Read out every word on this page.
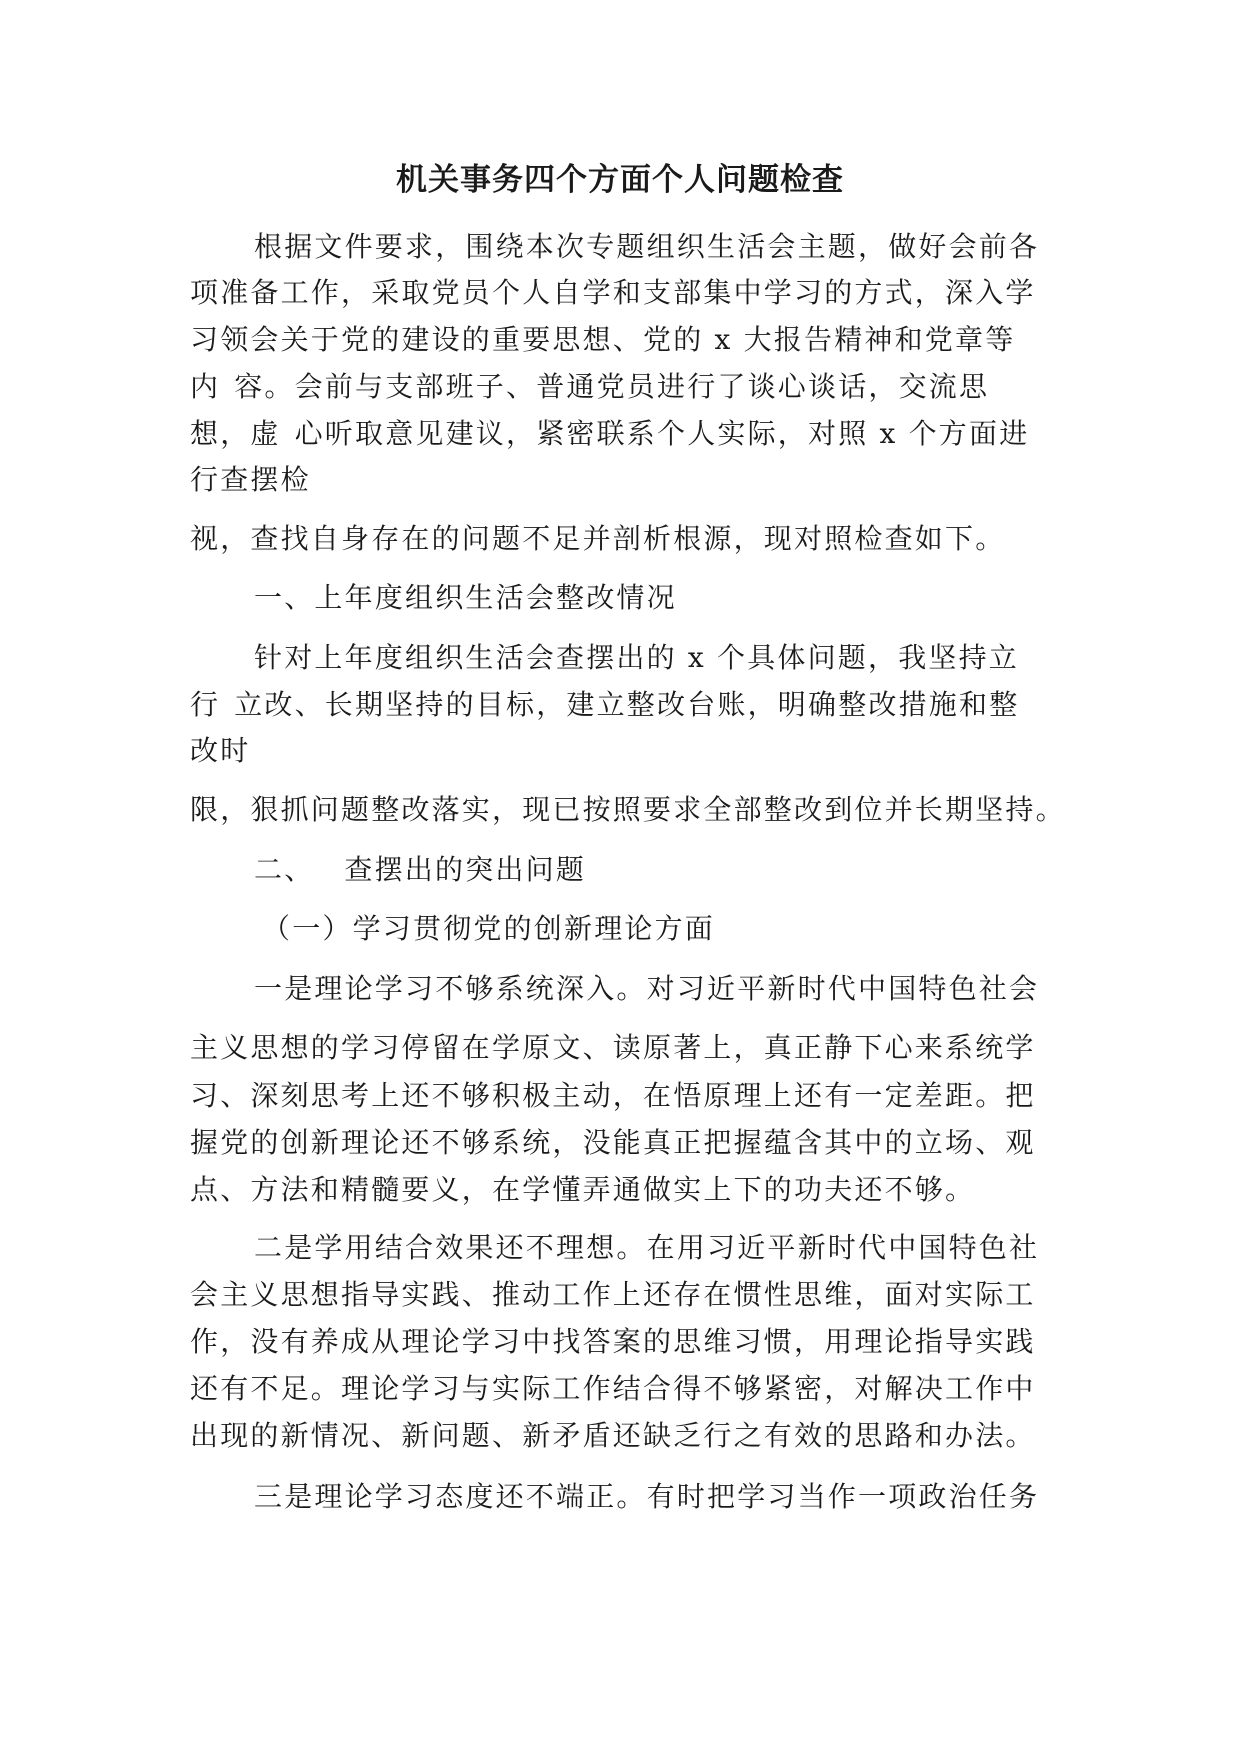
机关事务四个方面个人问题检查
根据文件要求，围绕本次专题组织生活会主题，做好会前各
项准备工作，采取党员个人自学和支部集中学习的方式，深入学
习领会关于党的建设的重要思想、党的 x 大报告精神和党章等
内 容。会前与支部班子、普通党员进行了谈心谈话，交流思
想，虚 心听取意见建议，紧密联系个人实际，对照 x 个方面进
行查摆检
视，查找自身存在的问题不足并剖析根源，现对照检查如下。
一、上年度组织生活会整改情况
针对上年度组织生活会查摆出的 x 个具体问题，我坚持立
行 立改、长期坚持的目标，建立整改台账，明确整改措施和整
改时
限，狠抓问题整改落实，现已按照要求全部整改到位并长期坚持。
二、 查摆出的突出问题
（一）学习贯彻党的创新理论方面
一是理论学习不够系统深入。对习近平新时代中国特色社会
主义思想的学习停留在学原文、读原著上，真正静下心来系统学
习、深刻思考上还不够积极主动，在悟原理上还有一定差距。把
握党的创新理论还不够系统，没能真正把握蕴含其中的立场、观
点、方法和精髓要义，在学懂弄通做实上下的功夫还不够。
二是学用结合效果还不理想。在用习近平新时代中国特色社
会主义思想指导实践、推动工作上还存在惯性思维，面对实际工
作，没有养成从理论学习中找答案的思维习惯，用理论指导实践
还有不足。理论学习与实际工作结合得不够紧密，对解决工作中
出现的新情况、新问题、新矛盾还缺乏行之有效的思路和办法。
三是理论学习态度还不端正。有时把学习当作一项政治任务
